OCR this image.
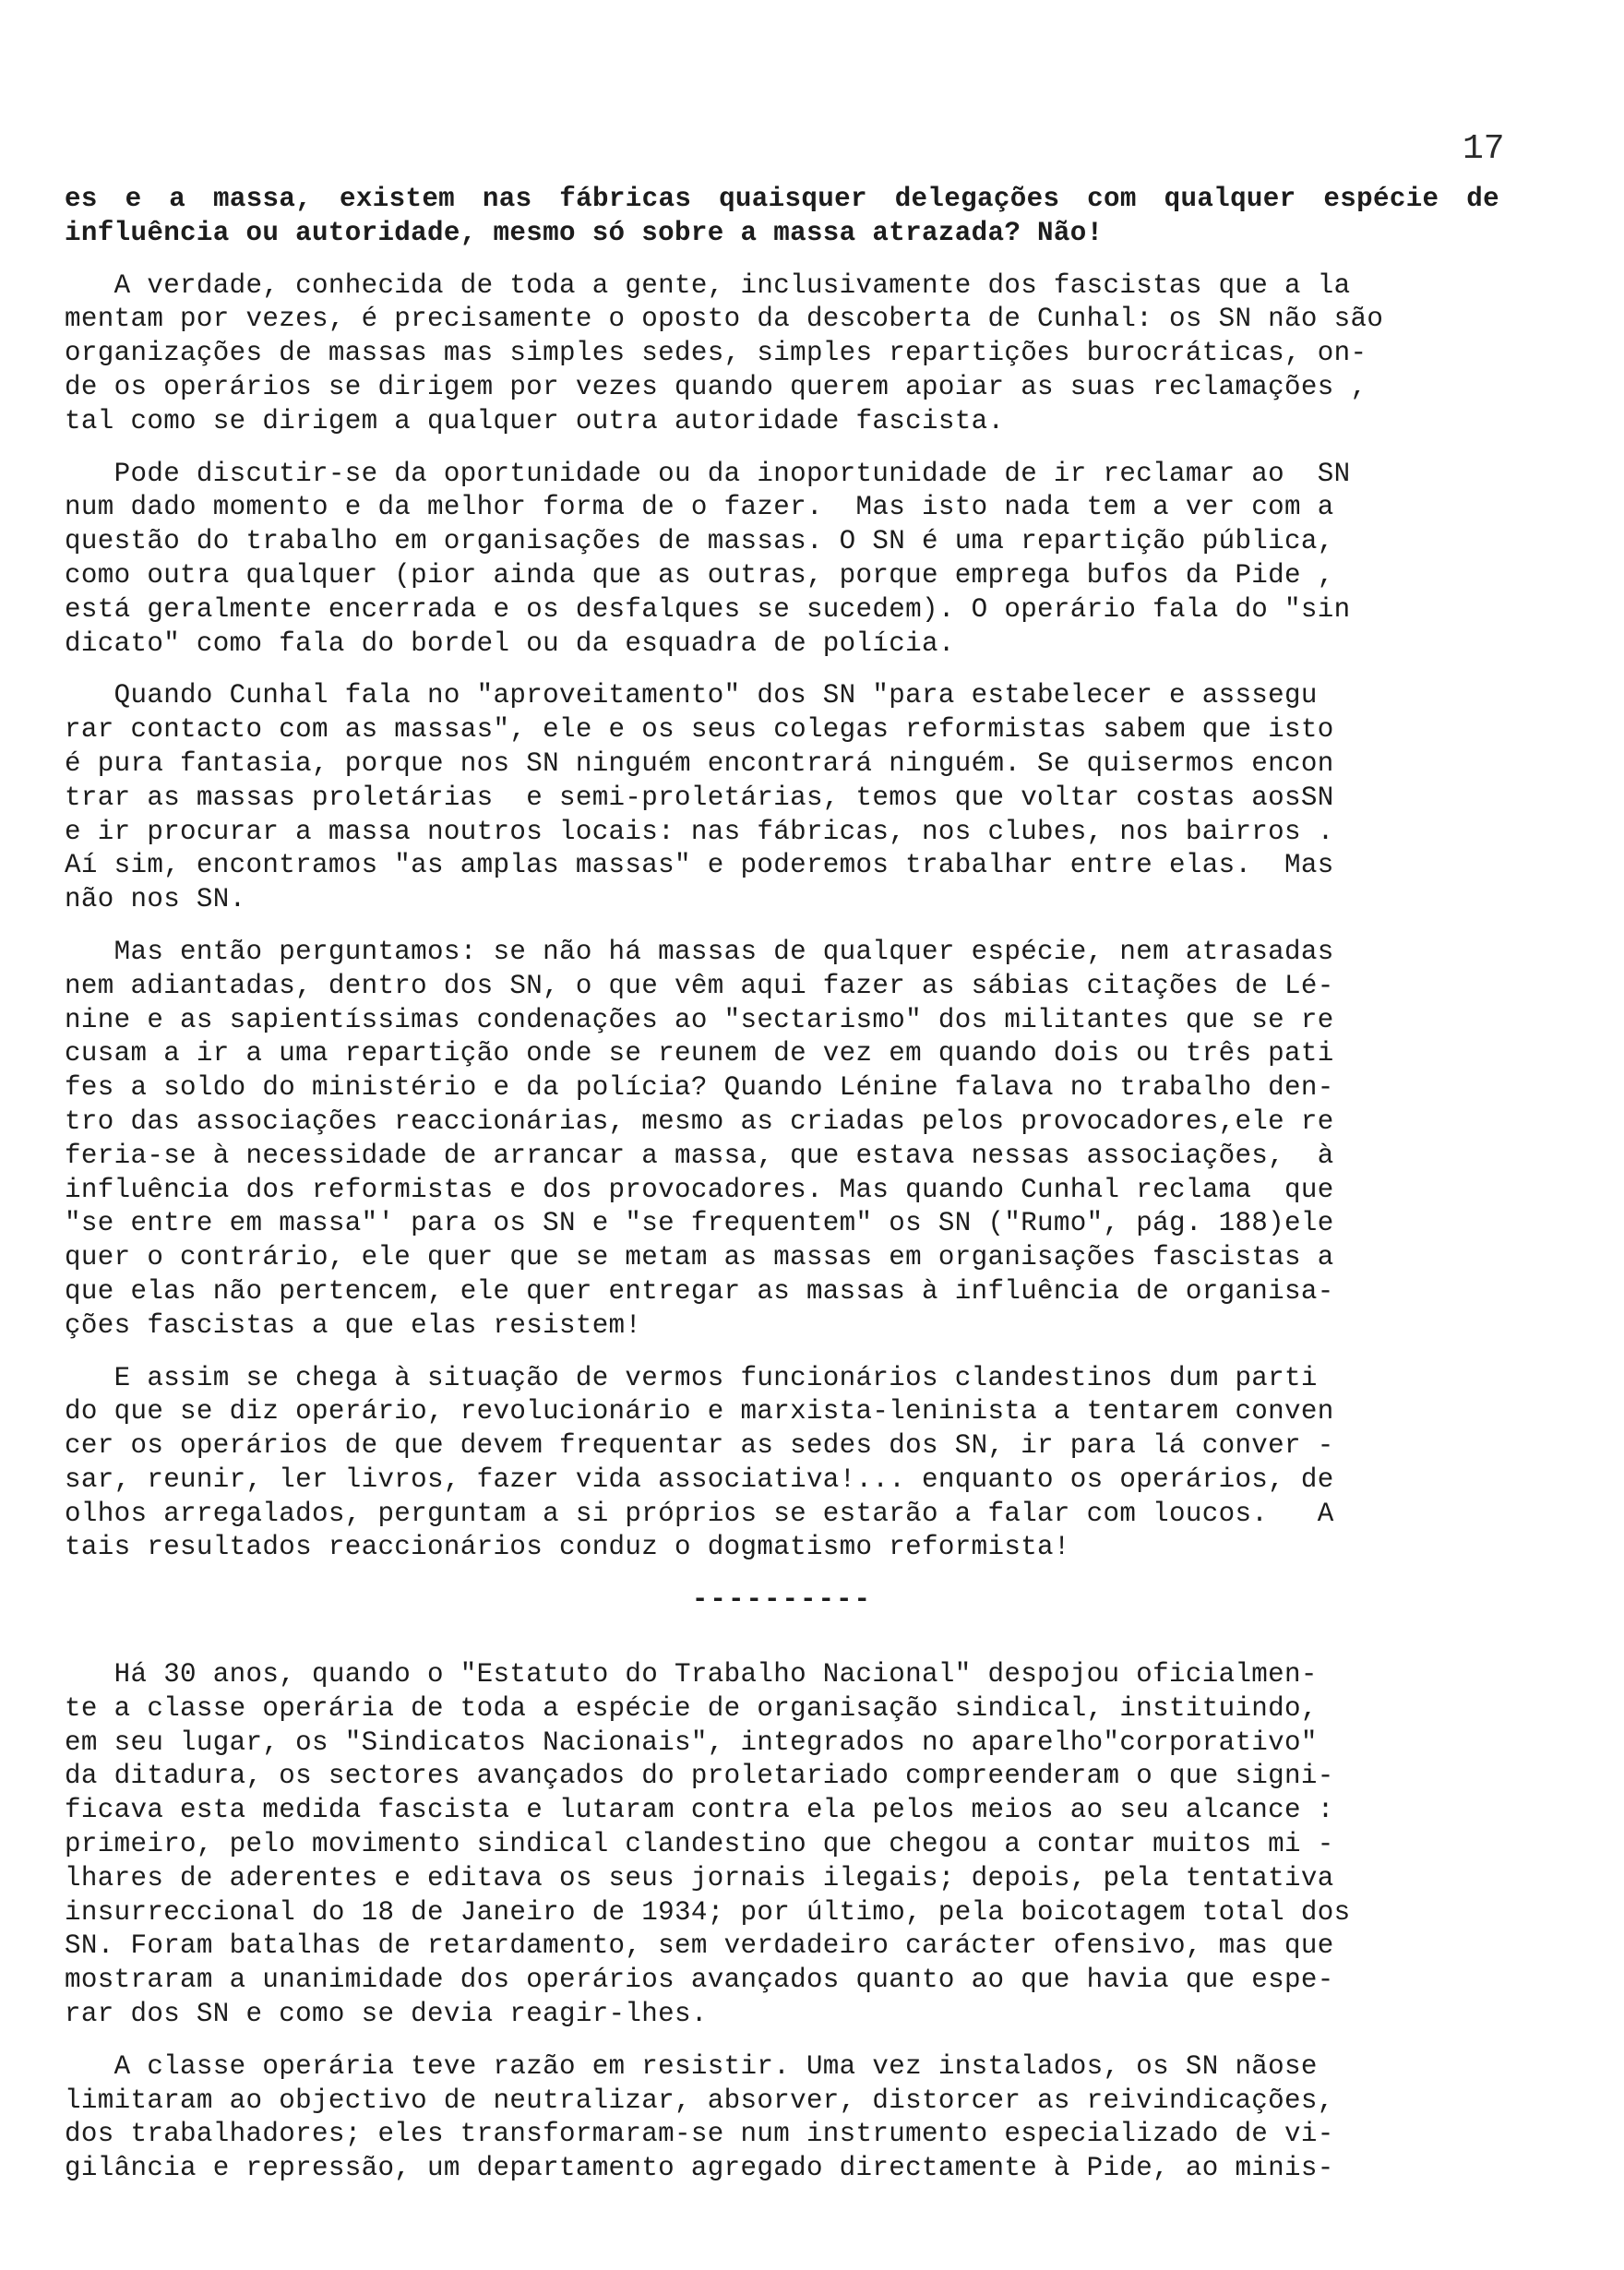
17
es e a massa, existem nas fábricas quaisquer delegações com qualquer espécie de
influência ou autoridade, mesmo só sobre a massa atrazada? Não!
A verdade, conhecida de toda a gente, inclusivamente dos fascistas que a la
mentam por vezes, é precisamente o oposto da descoberta de Cunhal: os SN não são
organizações de massas mas simples sedes, simples repartições burocráticas, on-
de os operários se dirigem por vezes quando querem apoiar as suas reclamações ,
tal como se dirigem a qualquer outra autoridade fascista.
Pode discutir-se da oportunidade ou da inoportunidade de ir reclamar ao  SN
num dado momento e da melhor forma de o fazer.  Mas isto nada tem a ver com a
questão do trabalho em organisações de massas. O SN é uma repartição pública,
como outra qualquer (pior ainda que as outras, porque emprega bufos da Pide ,
está geralmente encerrada e os desfalques se sucedem). O operário fala do "sin
dicato" como fala do bordel ou da esquadra de polícia.
Quando Cunhal fala no "aproveitamento" dos SN "para estabelecer e asssegu
rar contacto com as massas", ele e os seus colegas reformistas sabem que isto
é pura fantasia, porque nos SN ninguém encontrará ninguém. Se quisermos encon
trar as massas proletárias  e semi-proletárias, temos que voltar costas aosSN
e ir procurar a massa noutros locais: nas fábricas, nos clubes, nos bairros .
Aí sim, encontramos "as amplas massas" e poderemos trabalhar entre elas.  Mas
não nos SN.
Mas então perguntamos: se não há massas de qualquer espécie, nem atrasadas
nem adiantadas, dentro dos SN, o que vêm aqui fazer as sábias citações de Lé-
nine e as sapientíssimas condenações ao "sectarismo" dos militantes que se re
cusam a ir a uma repartição onde se reunem de vez em quando dois ou três pati
fes a soldo do ministério e da polícia? Quando Lénine falava no trabalho den-
tro das associações reaccionárias, mesmo as criadas pelos provocadores,ele re
feria-se à necessidade de arrancar a massa, que estava nessas associações,  à
influência dos reformistas e dos provocadores. Mas quando Cunhal reclama  que
"se entre em massa"' para os SN e "se frequentem" os SN ("Rumo", pág. 188)ele
quer o contrário, ele quer que se metam as massas em organisações fascistas a
que elas não pertencem, ele quer entregar as massas à influência de organisa-
ções fascistas a que elas resistem!
E assim se chega à situação de vermos funcionários clandestinos dum parti
do que se diz operário, revolucionário e marxista-leninista a tentarem conven
cer os operários de que devem frequentar as sedes dos SN, ir para lá conver -
sar, reunir, ler livros, fazer vida associativa!... enquanto os operários, de
olhos arregalados, perguntam a si próprios se estarão a falar com loucos.   A
tais resultados reaccionários conduz o dogmatismo reformista!
----------
Há 30 anos, quando o "Estatuto do Trabalho Nacional" despojou oficialmen-
te a classe operária de toda a espécie de organisação sindical, instituindo,
em seu lugar, os "Sindicatos Nacionais", integrados no aparelho"corporativo"
da ditadura, os sectores avançados do proletariado compreenderam o que signi-
ficava esta medida fascista e lutaram contra ela pelos meios ao seu alcance :
primeiro, pelo movimento sindical clandestino que chegou a contar muitos mi -
lhares de aderentes e editava os seus jornais ilegais; depois, pela tentativa
insurreccional do 18 de Janeiro de 1934; por último, pela boicotagem total dos
SN. Foram batalhas de retardamento, sem verdadeiro carácter ofensivo, mas que
mostraram a unanimidade dos operários avançados quanto ao que havia que espe-
rar dos SN e como se devia reagir-lhes.
A classe operária teve razão em resistir. Uma vez instalados, os SN nãose
limitaram ao objectivo de neutralizar, absorver, distorcer as reivindicações,
dos trabalhadores; eles transformaram-se num instrumento especializado de vi-
gilância e repressão, um departamento agregado directamente à Pide, ao minis-
